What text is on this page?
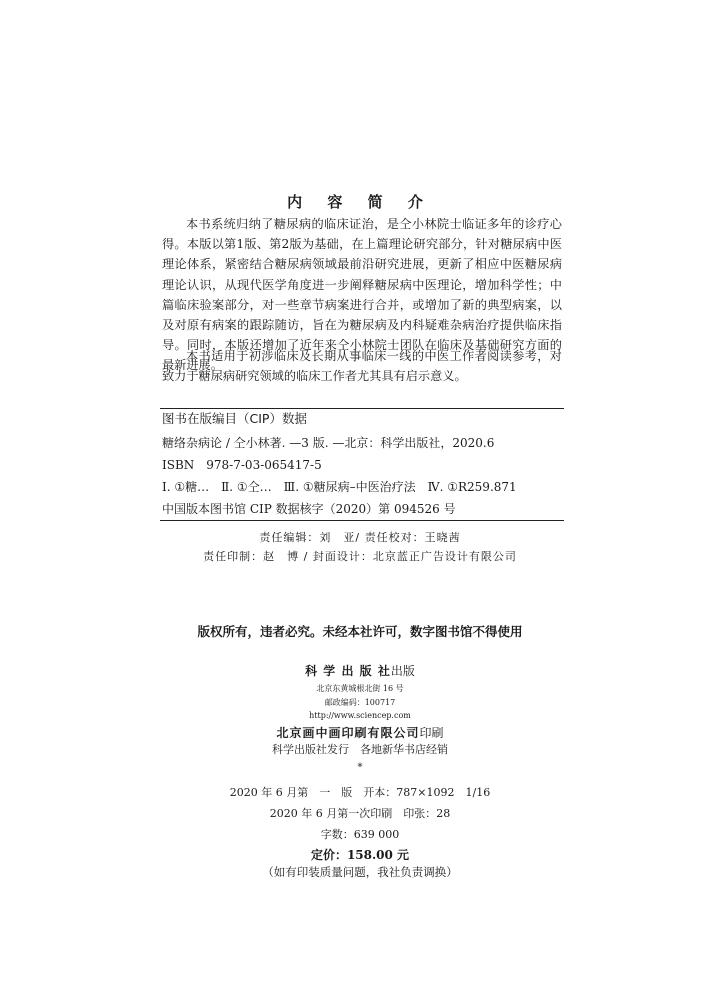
内 容 简 介
本书系统归纳了糖尿病的临床证治，是仝小林院士临证多年的诊疗心得。本版以第1版、第2版为基础，在上篇理论研究部分，针对糖尿病中医理论体系，紧密结合糖尿病领域最前沿研究进展，更新了相应中医糖尿病理论认识，从现代医学角度进一步阐释糖尿病中医理论，增加科学性；中篇临床验案部分，对一些章节病案进行合并，或增加了新的典型病案，以及对原有病案的跟踪随访，旨在为糖尿病及内科疑难杂病治疗提供临床指导。同时，本版还增加了近年来仝小林院士团队在临床及基础研究方面的最新进展。
本书适用于初涉临床及长期从事临床一线的中医工作者阅读参考，对致力于糖尿病研究领域的临床工作者尤其具有启示意义。
图书在版编目（CIP）数据
糖络杂病论 / 仝小林著. —3 版. —北京：科学出版社，2020.6
ISBN　978-7-03-065417-5
Ⅰ. ①糖…　Ⅱ. ①仝…　Ⅲ. ①糖尿病–中医治疗法　Ⅳ. ①R259.871
中国版本图书馆 CIP 数据核字（2020）第 094526 号
责任编辑：刘　亚/ 责任校对：王晓茜
责任印制：赵　博 / 封面设计：北京蓝正广告设计有限公司
版权所有，违者必究。未经本社许可，数字图书馆不得使用
科 学 出 版 社出版
北京东黄城根北街 16 号
邮政编码：100717
http://www.sciencep.com
北京画中画印刷有限公司印刷
科学出版社发行　各地新华书店经销
*
2020 年 6 月第　一　版　开本：787×1092　1/16
2020 年 6 月第一次印刷　印张：28
字数：639 000
定价：158.00 元
（如有印装质量问题，我社负责调换）
